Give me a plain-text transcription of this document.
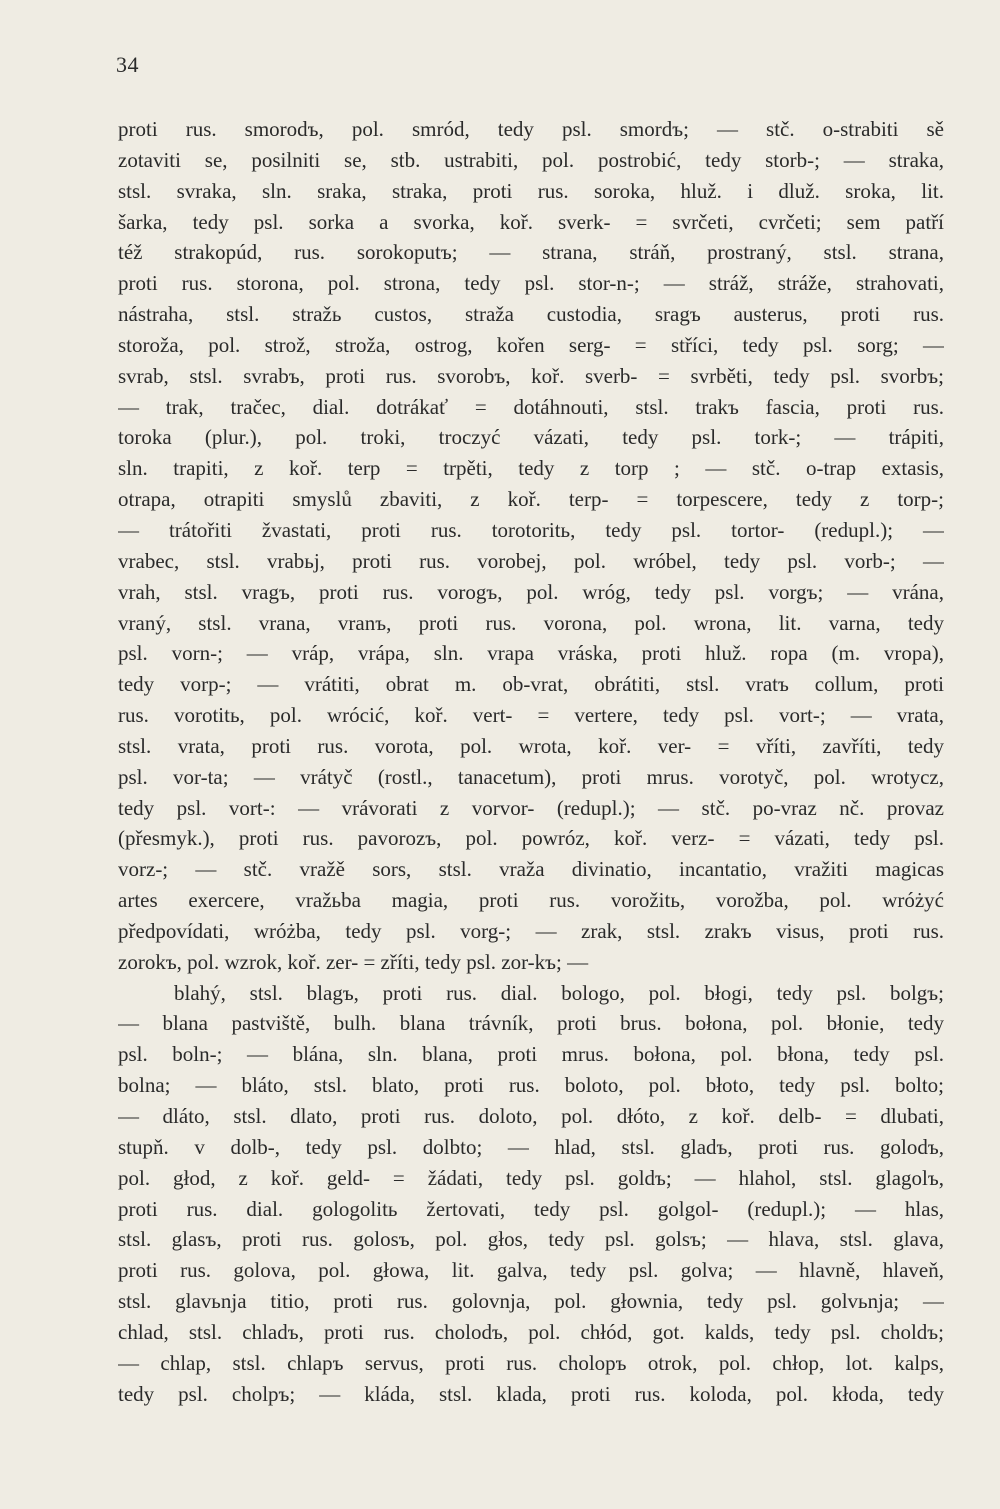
34
proti rus. smorodъ, pol. smród, tedy psl. smordъ; — stč. o-strabiti sě
zotaviti se, posilniti se, stb. ustrabiti, pol. postrobić, tedy storb-; — straka,
stsl. svraka, sln. sraka, straka, proti rus. soroka, hluž. i dluž. sroka, lit.
šarka, tedy psl. sorka a svorka, koř. sverk- = svrčeti, cvrčeti; sem patří
též strakopúd, rus. sorokoputъ; — strana, stráň, prostraný, stsl. strana,
proti rus. storona, pol. strona, tedy psl. stor-n-; — stráž, stráže, strahovati,
nástraha, stsl. stražь custos, straža custodia, sragъ austerus, proti rus.
storoža, pol. strož, stroža, ostrog, kořen serg- = stříci, tedy psl. sorg; —
svrab, stsl. svrabъ, proti rus. svorobъ, koř. sverb- = svrběti, tedy psl. svorbъ;
— trak, tračec, dial. dotrákať = dotáhnouti, stsl. trakъ fascia, proti rus.
toroka (plur.), pol. troki, troczyć vázati, tedy psl. tork-; — trápiti,
sln. trapiti, z koř. terp = trpěti, tedy z torp ; — stč. o-trap extasis,
otrapa, otrapiti smyslů zbaviti, z koř. terp- = torpescere, tedy z torp-;
— trátořiti žvastati, proti rus. torotoritь, tedy psl. tortor- (redupl.); —
vrabec, stsl. vrabьj, proti rus. vorobej, pol. wróbel, tedy psl. vorb-; —
vrah, stsl. vragъ, proti rus. vorogъ, pol. wróg, tedy psl. vorgъ; — vrána,
vraný, stsl. vrana, vranъ, proti rus. vorona, pol. wrona, lit. varna, tedy
psl. vorn-; — vráp, vrápa, sln. vrapa vráska, proti hluž. ropa (m. vropa),
tedy vorp-; — vrátiti, obrat m. ob-vrat, obrátiti, stsl. vratъ collum, proti
rus. vorotitь, pol. wrócić, koř. vert- = vertere, tedy psl. vort-; — vrata,
stsl. vrata, proti rus. vorota, pol. wrota, koř. ver- = vříti, zavříti, tedy
psl. vor-ta; — vrátyč (rostl., tanacetum), proti mrus. vorotyč, pol. wrotycz,
tedy psl. vort-: — vrávorati z vorvor- (redupl.); — stč. po-vraz nč. provaz
(přesmyk.), proti rus. pavorozъ, pol. powróz, koř. verz- = vázati, tedy psl.
vorz-; — stč. vražě sors, stsl. vraža divinatio, incantatio, vražiti magicas
artes exercere, vražьba magia, proti rus. vorožitь, vorožba, pol. wróżyć
předpovídati, wróżba, tedy psl. vorg-; — zrak, stsl. zrakъ visus, proti rus.
zorokъ, pol. wzrok, koř. zer- = zříti, tedy psl. zor-kъ; —
blahý, stsl. blagъ, proti rus. dial. bologo, pol. błogi, tedy psl. bolgъ;
— blana pastviště, bulh. blana trávník, proti brus. bołona, pol. błonie, tedy
psl. boln-; — blána, sln. blana, proti mrus. bołona, pol. błona, tedy psl.
bolna; — bláto, stsl. blato, proti rus. boloto, pol. błoto, tedy psl. bolto;
— dláto, stsl. dlato, proti rus. doloto, pol. dłóto, z koř. delb- = dlubati,
stupň. v dolb-, tedy psl. dolbto; — hlad, stsl. gladъ, proti rus. golodъ,
pol. głod, z koř. geld- = žádati, tedy psl. goldъ; — hlahol, stsl. glagolъ,
proti rus. dial. gologolitь žertovati, tedy psl. golgol- (redupl.); — hlas,
stsl. glasъ, proti rus. golosъ, pol. głos, tedy psl. golsъ; — hlava, stsl. glava,
proti rus. golova, pol. głowa, lit. galva, tedy psl. golva; — hlavně, hlaveň,
stsl. glavьnja titio, proti rus. golovnja, pol. głownia, tedy psl. golvьnja; —
chlad, stsl. chladъ, proti rus. cholodъ, pol. chłód, got. kalds, tedy psl. choldъ;
— chlap, stsl. chlapъ servus, proti rus. cholopъ otrok, pol. chłop, lot. kalps,
tedy psl. cholpъ; — kláda, stsl. klada, proti rus. koloda, pol. kłoda, tedy
